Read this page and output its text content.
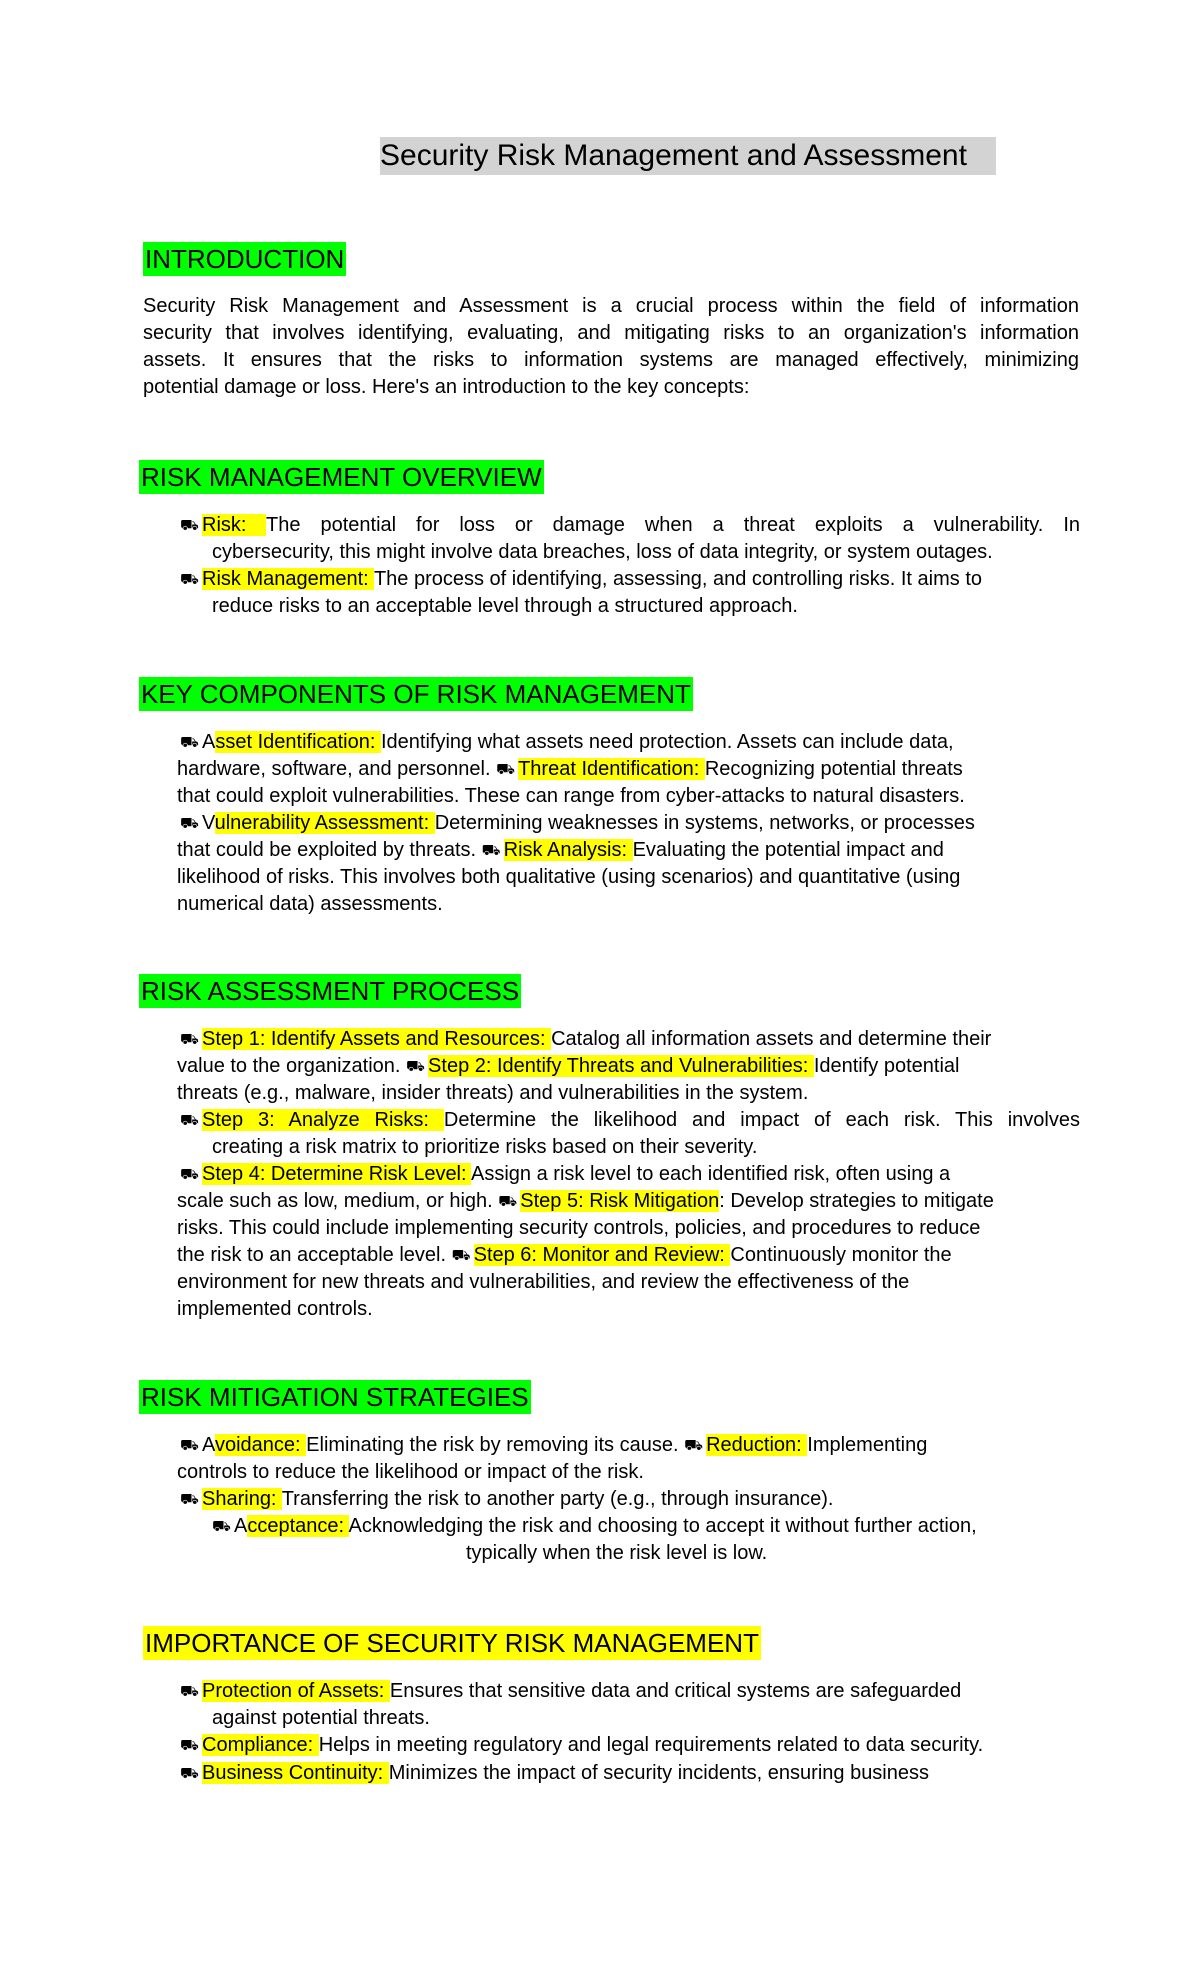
Security Risk Management and Assessment
INTRODUCTION

Security Risk Management and Assessment is a crucial process within the field of information

security that involves identifying, evaluating, and mitigating risks to an organization's information

assets. It ensures that the risks to information systems are managed effectively, minimizing

potential damage or loss. Here's an introduction to the key concepts:

RISK MANAGEMENT OVERVIEW

⛟ Risk: The potential for loss or damage when a threat exploits a vulnerability. In

cybersecurity, this might involve data breaches, loss of data integrity, or system outages.

⛟ Risk Management: The process of identifying, assessing, and controlling risks. It aims to

reduce risks to an acceptable level through a structured approach.

KEY COMPONENTS OF RISK MANAGEMENT

⛟ Asset Identification: Identifying what assets need protection. Assets can include data,

hardware, software, and personnel. ⛟ Threat Identification: Recognizing potential threats

that could exploit vulnerabilities. These can range from cyber-attacks to natural disasters.

⛟ Vulnerability Assessment: Determining weaknesses in systems, networks, or processes

that could be exploited by threats. ⛟ Risk Analysis: Evaluating the potential impact and

likelihood of risks. This involves both qualitative (using scenarios) and quantitative (using

numerical data) assessments.

RISK ASSESSMENT PROCESS

⛟ Step 1: Identify Assets and Resources: Catalog all information assets and determine their

value to the organization. ⛟ Step 2: Identify Threats and Vulnerabilities: Identify potential

threats (e.g., malware, insider threats) and vulnerabilities in the system.

⛟ Step 3: Analyze Risks: Determine the likelihood and impact of each risk. This involves

creating a risk matrix to prioritize risks based on their severity.

⛟ Step 4: Determine Risk Level: Assign a risk level to each identified risk, often using a

scale such as low, medium, or high. ⛟ Step 5: Risk Mitigation: Develop strategies to mitigate

risks. This could include implementing security controls, policies, and procedures to reduce

the risk to an acceptable level. ⛟ Step 6: Monitor and Review: Continuously monitor the

environment for new threats and vulnerabilities, and review the effectiveness of the

implemented controls.

RISK MITIGATION STRATEGIES

⛟ Avoidance: Eliminating the risk by removing its cause. ⛟ Reduction: Implementing

controls to reduce the likelihood or impact of the risk.

⛟ Sharing: Transferring the risk to another party (e.g., through insurance).

⛟ Acceptance: Acknowledging the risk and choosing to accept it without further action,

typically when the risk level is low.

IMPORTANCE OF SECURITY RISK MANAGEMENT

⛟ Protection of Assets: Ensures that sensitive data and critical systems are safeguarded

against potential threats.

⛟ Compliance: Helps in meeting regulatory and legal requirements related to data security.

⛟ Business Continuity: Minimizes the impact of security incidents, ensuring business
